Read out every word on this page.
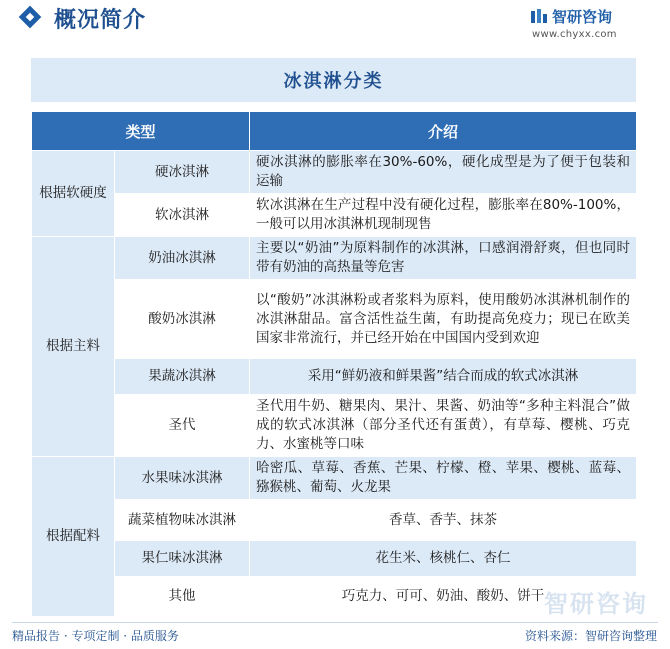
概况简介	智研咨询
www.chyxx.com
冰淇淋分类
类型		介绍
根据软硬度	硬冰淇淋	硬冰淇淋的膨胀率在30%-60%，硬化成型是为了便于包装和运输
	软冰淇淋	软冰淇淋在生产过程中没有硬化过程，膨胀率在80%-100%，一般可以用冰淇淋机现制现售
根据主料	奶油冰淇淋	主要以“奶油”为原料制作的冰淇淋，口感润滑舒爽，但也同时带有奶油的高热量等危害
	酸奶冰淇淋	以“酸奶”冰淇淋粉或者浆料为原料，使用酸奶冰淇淋机制作的冰淇淋甜品。富含活性益生菌，有助提高免疫力；现已在欧美国家非常流行，并已经开始在中国国内受到欢迎
	果蔬冰淇淋	采用“鲜奶液和鲜果酱”结合而成的软式冰淇淋
	圣代	圣代用牛奶、糖果肉、果汁、果酱、奶油等“多种主料混合”做成的软式冰淇淋（部分圣代还有蛋黄），有草莓、樱桃、巧克力、水蜜桃等口味
根据配料	水果味冰淇淋	哈密瓜、草莓、香蕉、芒果、柠檬、橙、苹果、樱桃、蓝莓、猕猴桃、葡萄、火龙果
	蔬菜植物味冰淇淋	香草、香芋、抹茶
	果仁味冰淇淋	花生米、核桃仁、杏仁
	其他	巧克力、可可、奶油、酸奶、饼干 智研咨询
精品报告 · 专项定制 · 品质服务	资料来源：智研咨询整理
